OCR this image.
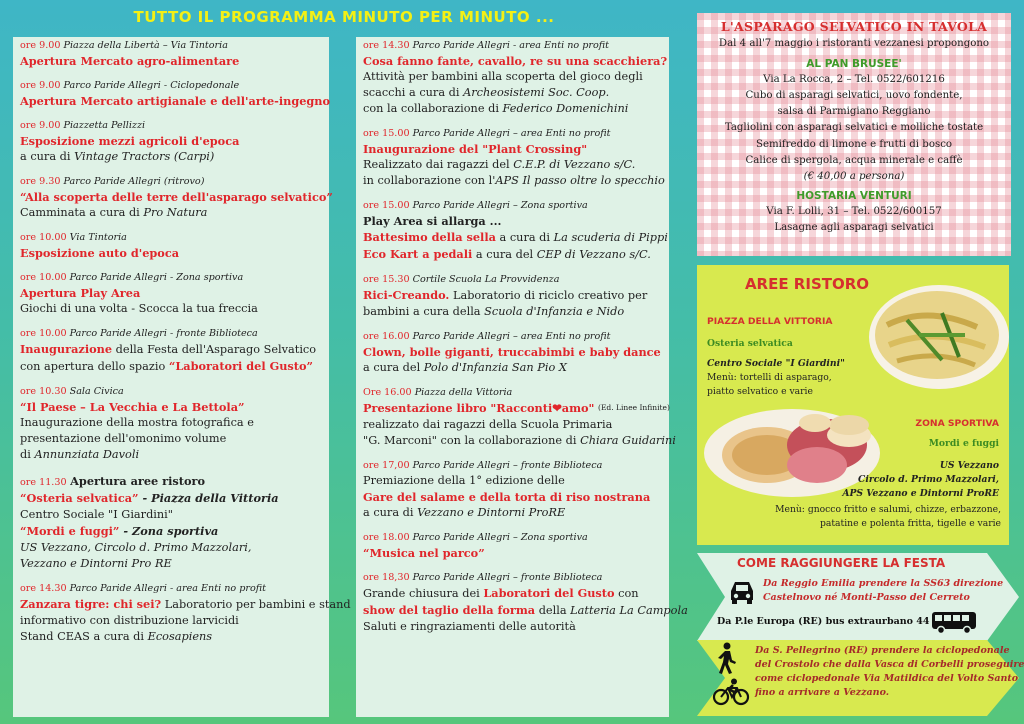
TUTTO IL PROGRAMMA MINUTO PER MINUTO ...
ore 9.00 Piazza della Libertà – Via Tintoria
Apertura Mercato agro-alimentare
ore 9.00 Parco Paride Allegri - Ciclopedonale
Apertura Mercato artigianale e dell'arte-ingegno
ore 9.00 Piazzetta Pellizzi
Esposizione mezzi agricoli d'epoca
a cura di Vintage Tractors (Carpi)
ore 9.30 Parco Paride Allegri (ritrovo)
“Alla scoperta delle terre dell'asparago selvatico”
Camminata a cura di Pro Natura
ore 10.00 Via Tintoria
Esposizione auto d'epoca
ore 10.00 Parco Paride Allegri - Zona sportiva
Apertura Play Area
Giochi di una volta - Scocca la tua freccia
ore 10.00 Parco Paride Allegri - fronte Biblioteca
Inaugurazione della Festa dell'Asparago Selvatico
con apertura dello spazio “Laboratori del Gusto”
ore 10.30 Sala Civica
“Il Paese – La Vecchia e La Bettola”
Inaugurazione della mostra fotografica e
presentazione dell'omonimo volume
di Annunziata Davoli
ore 11.30 Apertura aree ristoro
“Osteria selvatica” - Piazza della Vittoria
Centro Sociale "I Giardini"
“Mordi e fuggi” - Zona sportiva
US Vezzano, Circolo d. Primo Mazzolari,
Vezzano e Dintorni Pro RE
ore 14.30 Parco Paride Allegri - area Enti no profit
Zanzara tigre: chi sei? Laboratorio per bambini e stand
informativo con distribuzione larvicidi
Stand CEAS a cura di Ecosapiens
ore 14.30 Parco Paride Allegri - area Enti no profit
Cosa fanno fante, cavallo, re su una scacchiera?
Attività per bambini alla scoperta del gioco degli
scacchi a cura di Archeosistemi Soc. Coop.
con la collaborazione di Federico Domenichini
ore 15.00 Parco Paride Allegri – area Enti no profit
Inaugurazione del "Plant Crossing"
Realizzato dai ragazzi del C.E.P. di Vezzano s/C.
in collaborazione con l'APS Il passo oltre lo specchio
ore 15.00 Parco Paride Allegri – Zona sportiva
Play Area si allarga ...
Battesimo della sella a cura di La scuderia di Pippi
Eco Kart a pedali a cura del CEP di Vezzano s/C.
ore 15.30 Cortile Scuola La Provvidenza
Rici-Creando. Laboratorio di riciclo creativo per
bambini a cura della Scuola d'Infanzia e Nido
ore 16.00 Parco Paride Allegri – area Enti no profit
Clown, bolle giganti, truccabimbi e baby dance
a cura del Polo d'Infanzia San Pio X
Ore 16.00 Piazza della Vittoria
Presentazione libro "Racconti❤amo" (Ed. Linee Infinite)
realizzato dai ragazzi della Scuola Primaria
"G. Marconi" con la collaborazione di Chiara Guidarini
ore 17,00 Parco Paride Allegri – fronte Biblioteca
Premiazione della 1° edizione delle
Gare del salame e della torta di riso nostrana
a cura di Vezzano e Dintorni ProRE
ore 18.00 Parco Paride Allegri – Zona sportiva
“Musica nel parco”
ore 18,30 Parco Paride Allegri – fronte Biblioteca
Grande chiusura dei Laboratori del Gusto con
show del taglio della forma della Latteria La Campola
Saluti e ringraziamenti delle autorità
L'ASPARAGO SELVATICO IN TAVOLA
Dal 4 all'7 maggio i ristoranti vezzanesi propongono
AL PAN BRUSEE'
Via La Rocca, 2 – Tel. 0522/601216
Cubo di asparagi selvatici, uovo fondente,
salsa di Parmigiano Reggiano
Tagliolini con asparagi selvatici e molliche tostate
Semifreddo di limone e frutti di bosco
Calice di spergola, acqua minerale e caffè
(€ 40,00 a persona)
HOSTARIA VENTURI
Via F. Lolli, 31 – Tel. 0522/600157
Lasagne agli asparagi selvatici
AREE RISTORO
PIAZZA DELLA VITTORIA
Osteria selvatica
Centro Sociale "I Giardini"
Menù: tortelli di asparago,
piatto selvatico e varie
ZONA SPORTIVA
Mordi e fuggi
US Vezzano
Circolo d. Primo Mazzolari,
APS Vezzano e Dintorni ProRE
Menù: gnocco fritto e salumi, chizze, erbazzone,
patatine e polenta fritta, tigelle e varie
COME RAGGIUNGERE LA FESTA
Da Reggio Emilia prendere la SS63 direzione
Castelnovo né Monti-Passo del Cerreto
Da P.le Europa (RE) bus extraurbano 44
Da S. Pellegrino (RE) prendere la ciclopedonale
del Crostolo che dalla Vasca di Corbelli proseguire
come ciclopedonale Via Matildica del Volto Santo
fino a arrivare a Vezzano.
